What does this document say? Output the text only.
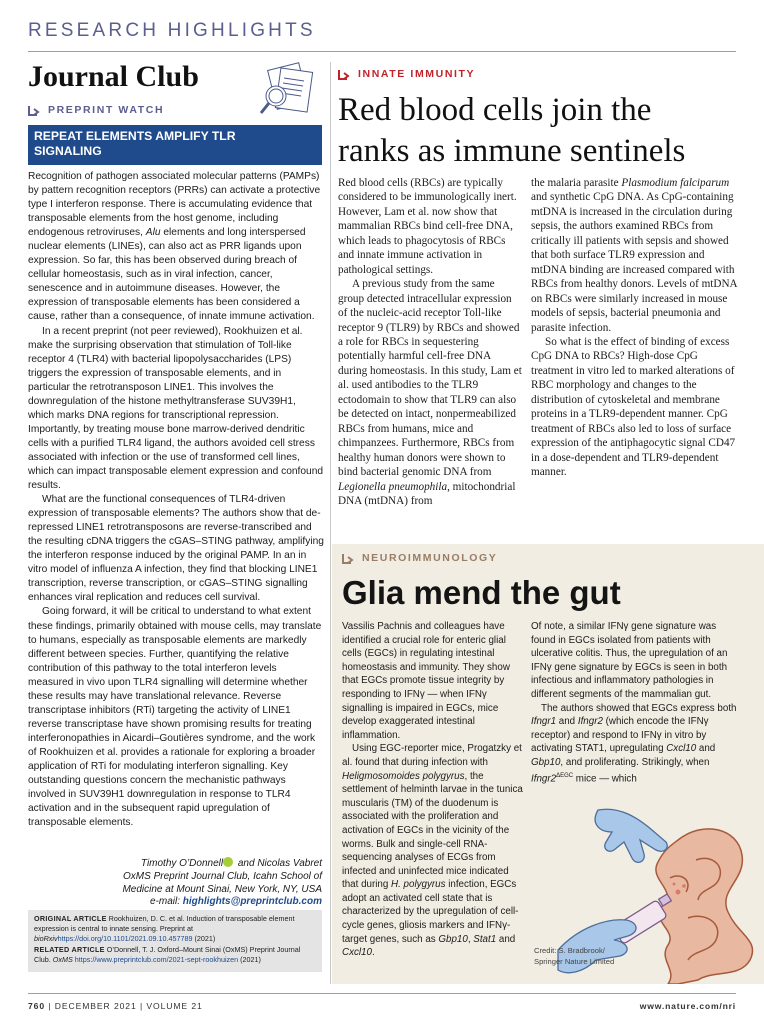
RESEARCH HIGHLIGHTS
Journal Club
PREPRINT WATCH
REPEAT ELEMENTS AMPLIFY TLR
SIGNALING

Recognition of pathogen associated molecular patterns (PAMPs) by pattern recognition receptors (PRRs) can activate a protective type I interferon response. There is accumulating evidence that transposable elements from the host genome, including endogenous retroviruses, Alu elements and long interspersed nuclear elements (LINEs), can also act as PRR ligands upon expression. So far, this has been observed during breach of cellular homeostasis, such as in viral infection, cancer, senescence and in autoimmune diseases. However, the expression of transposable elements has been considered a cause, rather than a consequence, of innate immune activation.

In a recent preprint (not peer reviewed), Rookhuizen et al. make the surprising observation that stimulation of Toll-like receptor 4 (TLR4) with bacterial lipopolysaccharides (LPS) triggers the expression of transposable elements, and in particular the retrotransposon LINE1. This involves the downregulation of the histone methyltransferase SUV39H1, which marks DNA regions for transcriptional repression. Importantly, by treating mouse bone marrow-derived dendritic cells with a purified TLR4 ligand, the authors avoided cell stress associated with infection or the use of transformed cell lines, which can impact transposable element expression and confound results.

What are the functional consequences of TLR4-driven expression of transposable elements? The authors show that de-repressed LINE1 retrotransposons are reverse-transcribed and the resulting cDNA triggers the cGAS–STING pathway, amplifying the interferon response induced by the original PAMP. In an in vitro model of influenza A infection, they find that blocking LINE1 transcription, reverse transcription, or cGAS–STING signalling enhances viral replication and reduces cell survival.

Going forward, it will be critical to understand to what extent these findings, primarily obtained with mouse cells, may translate to humans, especially as transposable elements are markedly different between species. Further, quantifying the relative contribution of this pathway to the total interferon levels measured in vivo upon TLR4 signalling will determine whether these results may have translational relevance. Reverse transcriptase inhibitors (RTi) targeting the activity of LINE1 reverse transcriptase have shown promising results for treating interferonopathies in Aicardi–Goutières syndrome, and the work of Rookhuizen et al. provides a rationale for exploring a broader application of RTi for modulating interferon signalling. Key outstanding questions concern the mechanistic pathways involved in SUV39H1 downregulation in response to TLR4 activation and in the subsequent rapid upregulation of transposable elements.

Timothy O’Donnell and Nicolas Vabret
OxMS Preprint Journal Club, Icahn School of
Medicine at Mount Sinai, New York, NY, USA
e-mail: highlights@preprintclub.com
ORIGINAL ARTICLE Rookhuizen, D. C. et al. Induction of transposable element expression is central to innate sensing. Preprint at bioRxivhttps://doi.org/10.1101/2021.09.10.457789 (2021)
RELATED ARTICLE O’Donnell, T. J. Oxford–Mount Sinai (OxMS) Preprint Journal Club. OxMS https://www.preprintclub.com/2021-sept-rookhuizen (2021)
INNATE IMMUNITY
Red blood cells join the
ranks as immune sentinels

Red blood cells (RBCs) are typically considered to be immunologically inert. However, Lam et al. now show that mammalian RBCs bind cell-free DNA, which leads to phagocytosis of RBCs and innate immune activation in pathological settings.

A previous study from the same group detected intracellular expression of the nucleic-acid receptor Toll-like receptor 9 (TLR9) by RBCs and showed a role for RBCs in sequestering potentially harmful cell-free DNA during homeostasis. In this study, Lam et al. used antibodies to the TLR9 ectodomain to show that TLR9 can also be detected on intact, nonpermeabilized RBCs from humans, mice and chimpanzees. Furthermore, RBCs from healthy human donors were shown to bind bacterial genomic DNA from Legionella pneumophila, mitochondrial DNA (mtDNA) from

the malaria parasite Plasmodium falciparum and synthetic CpG DNA. As CpG-containing mtDNA is increased in the circulation during sepsis, the authors examined RBCs from critically ill patients with sepsis and showed that both surface TLR9 expression and mtDNA binding are increased compared with RBCs from healthy donors. Levels of mtDNA on RBCs were similarly increased in mouse models of sepsis, bacterial pneumonia and parasite infection.

So what is the effect of binding of excess CpG DNA to RBCs? High-dose CpG treatment in vitro led to marked alterations of RBC morphology and changes to the distribution of cytoskeletal and membrane proteins in a TLR9-dependent manner. CpG treatment of RBCs also led to loss of surface expression of the antiphagocytic signal CD47 in a dose-dependent and TLR9-dependent manner.

NEUROIMMUNOLOGY
Glia mend the gut

Vassilis Pachnis and colleagues have identified a crucial role for enteric glial cells (EGCs) in regulating intestinal homeostasis and immunity. They show that EGCs promote tissue integrity by responding to IFNγ — when IFNγ signalling is impaired in EGCs, mice develop exaggerated intestinal inflammation.

Using EGC-reporter mice, Progatzky et al. found that during infection with Heligmosomoides polygyrus, the settlement of helminth larvae in the tunica muscularis (TM) of the duodenum is associated with the proliferation and activation of EGCs in the vicinity of the worms. Bulk and single-cell RNA-sequencing analyses of ECGs from infected and uninfected mice indicated that during H. polygyrus infection, EGCs adopt an activated cell state that is characterized by the upregulation of cell-cycle genes, gliosis markers and IFNγ-target genes, such as Gbp10, Stat1 and Cxcl10.

Of note, a similar IFNγ gene signature was found in EGCs isolated from patients with ulcerative colitis. Thus, the upregulation of an IFNγ gene signature by EGCs is seen in both infectious and inflammatory pathologies in different segments of the mammalian gut.

The authors showed that EGCs express both Ifngr1 and Ifngr2 (which encode the IFNγ receptor) and respond to IFNγ in vitro by activating STAT1, upregulating Cxcl10 and Gbp10, and proliferating. Strikingly, when $Ifngr2^{\Delta EGC}$ mice — which

Credit: S. Bradbrook/
Springer Nature Limited
760 | DECEMBER 2021 | VOLUME 21	www.nature.com/nri
